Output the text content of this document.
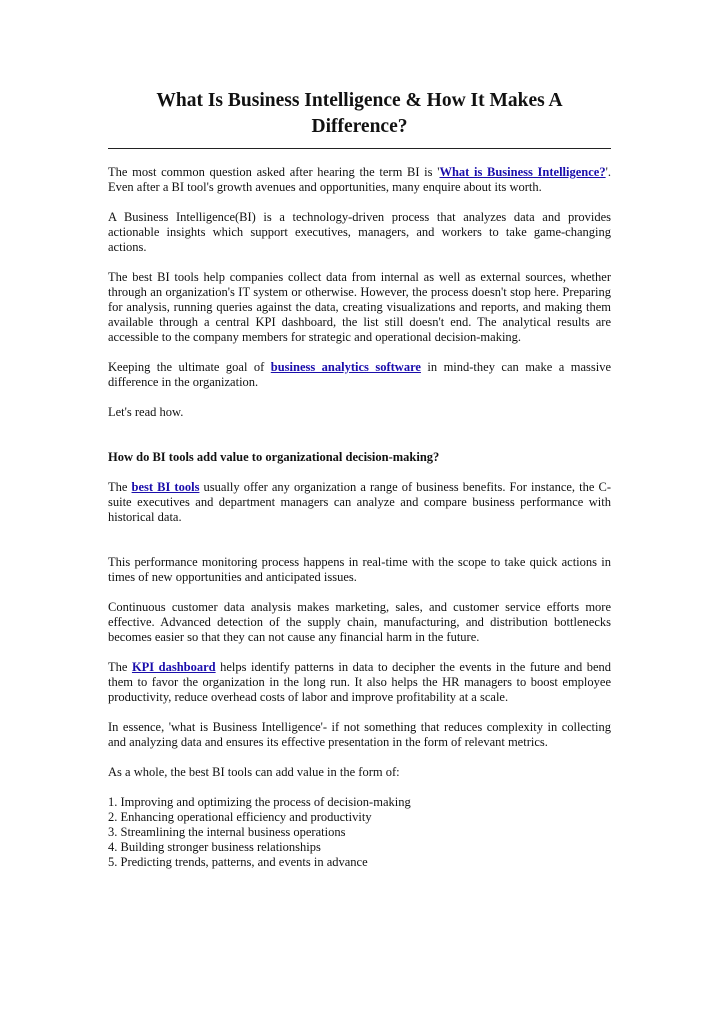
What Is Business Intelligence & How It Makes A Difference?

The most common question asked after hearing the term BI is 'What is Business Intelligence?'. Even after a BI tool's growth avenues and opportunities, many enquire about its worth.

A Business Intelligence(BI) is a technology-driven process that analyzes data and provides actionable insights which support executives, managers, and workers to take game-changing actions.

The best BI tools help companies collect data from internal as well as external sources, whether through an organization's IT system or otherwise. However, the process doesn't stop here. Preparing for analysis, running queries against the data, creating visualizations and reports, and making them available through a central KPI dashboard, the list still doesn't end. The analytical results are accessible to the company members for strategic and operational decision-making.

Keeping the ultimate goal of business analytics software in mind-they can make a massive difference in the organization.

Let's read how.

How do BI tools add value to organizational decision-making?

The best BI tools usually offer any organization a range of business benefits. For instance, the C-suite executives and department managers can analyze and compare business performance with historical data.

This performance monitoring process happens in real-time with the scope to take quick actions in times of new opportunities and anticipated issues.

Continuous customer data analysis makes marketing, sales, and customer service efforts more effective. Advanced detection of the supply chain, manufacturing, and distribution bottlenecks becomes easier so that they can not cause any financial harm in the future.

The KPI dashboard helps identify patterns in data to decipher the events in the future and bend them to favor the organization in the long run. It also helps the HR managers to boost employee productivity, reduce overhead costs of labor and improve profitability at a scale.

In essence, 'what is Business Intelligence'- if not something that reduces complexity in collecting and analyzing data and ensures its effective presentation in the form of relevant metrics.

As a whole, the best BI tools can add value in the form of:

1. Improving and optimizing the process of decision-making
2. Enhancing operational efficiency and productivity
3. Streamlining the internal business operations
4. Building stronger business relationships
5. Predicting trends, patterns, and events in advance
